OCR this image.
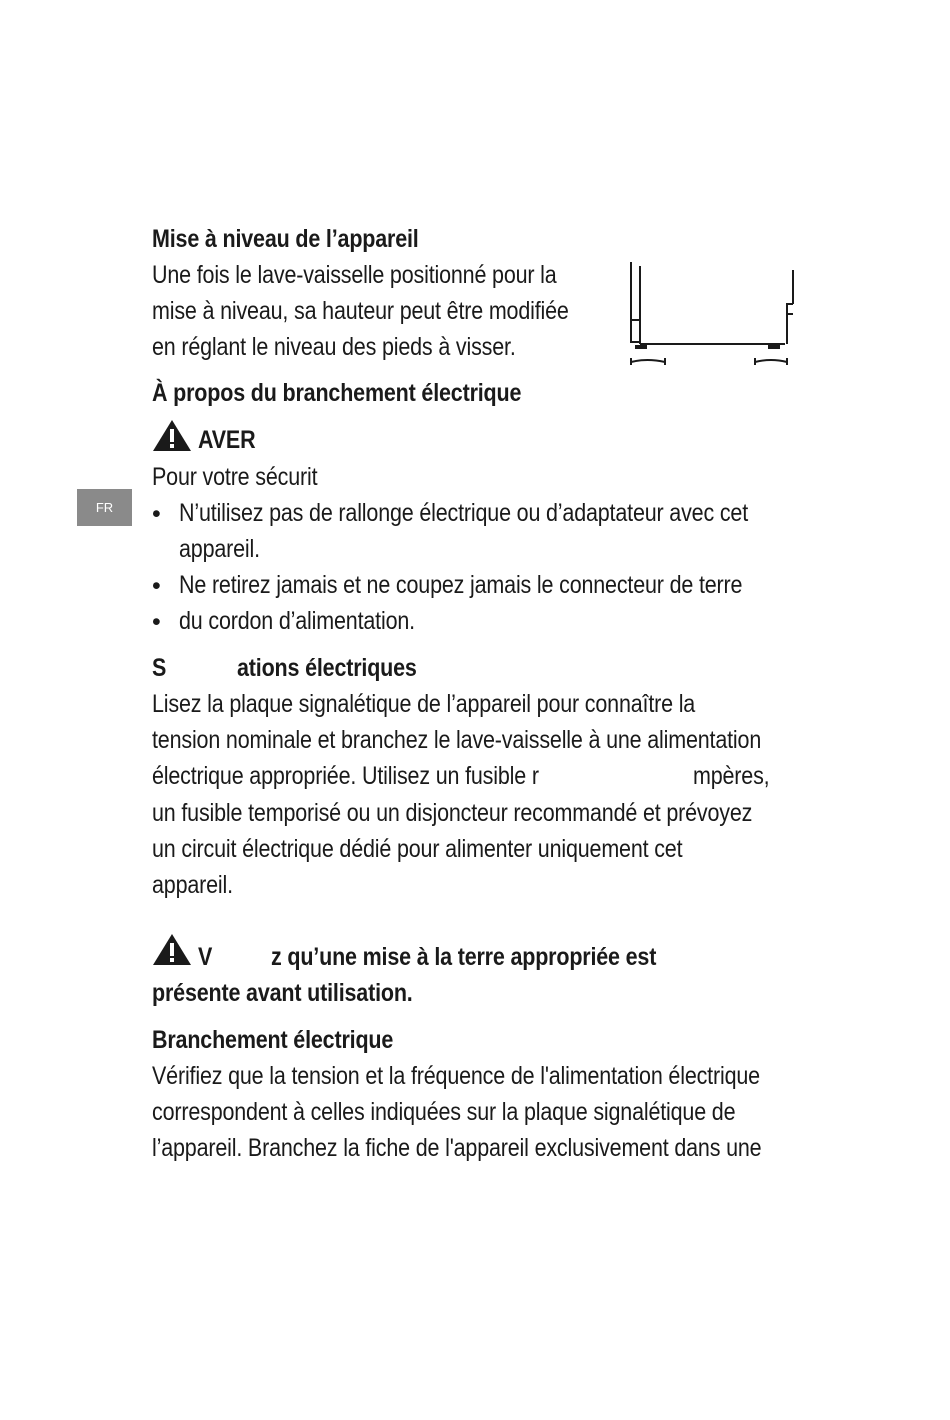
FR
Mise à niveau de l’appareil
Une fois le lave-vaisselle positionné pour la
mise à niveau, sa hauteur peut être modifiée
en réglant le niveau des pieds à visser.
À propos du branchement électrique
AVER
Pour votre sécurit
• N’utilisez pas de rallonge électrique ou d’adaptateur avec cet
appareil.
• Ne retirez jamais et ne coupez jamais le connecteur de terre
• du cordon d’alimentation.
S	ations électriques
Lisez la plaque signalétique de l’appareil pour connaître la
tension nominale et branchez le lave-vaisselle à une alimentation
électrique appropriée. Utilisez un fusible r	mpères,
un fusible temporisé ou un disjoncteur recommandé et prévoyez
un circuit électrique dédié pour alimenter uniquement cet
appareil.
V z qu’une mise à la terre appropriée est
présente avant utilisation.
Branchement électrique
Vérifiez que la tension et la fréquence de l'alimentation électrique
correspondent à celles indiquées sur la plaque signalétique de
l’appareil. Branchez la fiche de l'appareil exclusivement dans une
